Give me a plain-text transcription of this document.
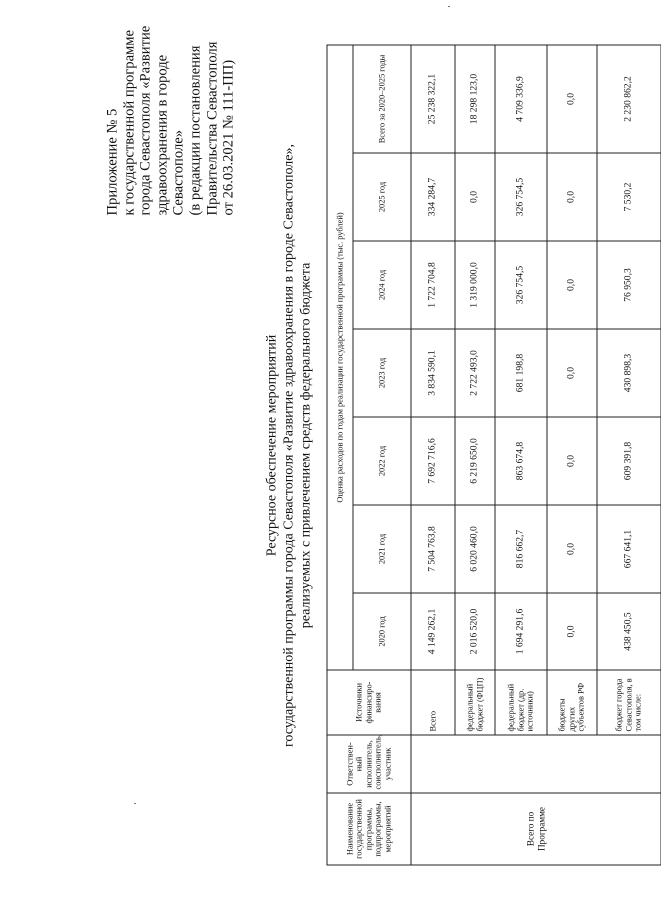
Приложение № 5 к государственной программе города Севастополя «Развитие здравоохранения в городе Севастополе» (в редакции постановления Правительства Севастополя от 26.03.2021 № 111-ПП)
Ресурсное обеспечение мероприятий государственной программы города Севастополя «Развитие здравоохранения в городе Севастополе», реализуемых с привлечением средств федерального бюджета
Наименование государственной программы, подпрограммы, мероприятий	Ответствен-ный исполнитель, соисполнитель, участник	Источники финансиро-вания	Оценка расходов по годам реализации государственной программы (тыс. рублей)						
			2020 год	2021 год	2022 год	2023 год	2024 год	2025 год	Всего за 2020–2025 годы
Всего по Программе		Всего	4 149 262,1	7 504 763,8	7 692 716,6	3 834 590,1	1 722 704,8	334 284,7	25 238 322,1
		федеральный бюджет (ФЦП)	2 016 520,0	6 020 460,0	6 219 650,0	2 722 493,0	1 319 000,0	0,0	18 298 123,0
		федеральный бюджет (др. источники)	1 694 291,6	816 662,7	863 674,8	681 198,8	326 754,5	326 754,5	4 709 336,9
		бюджеты других субъектов РФ	0,0	0,0	0,0	0,0	0,0	0,0	0,0
		бюджет города Севастополя, в том числе:	438 450,5	667 641,1	609 391,8	430 898,3	76 950,3	7 530,2	2 230 862,2
